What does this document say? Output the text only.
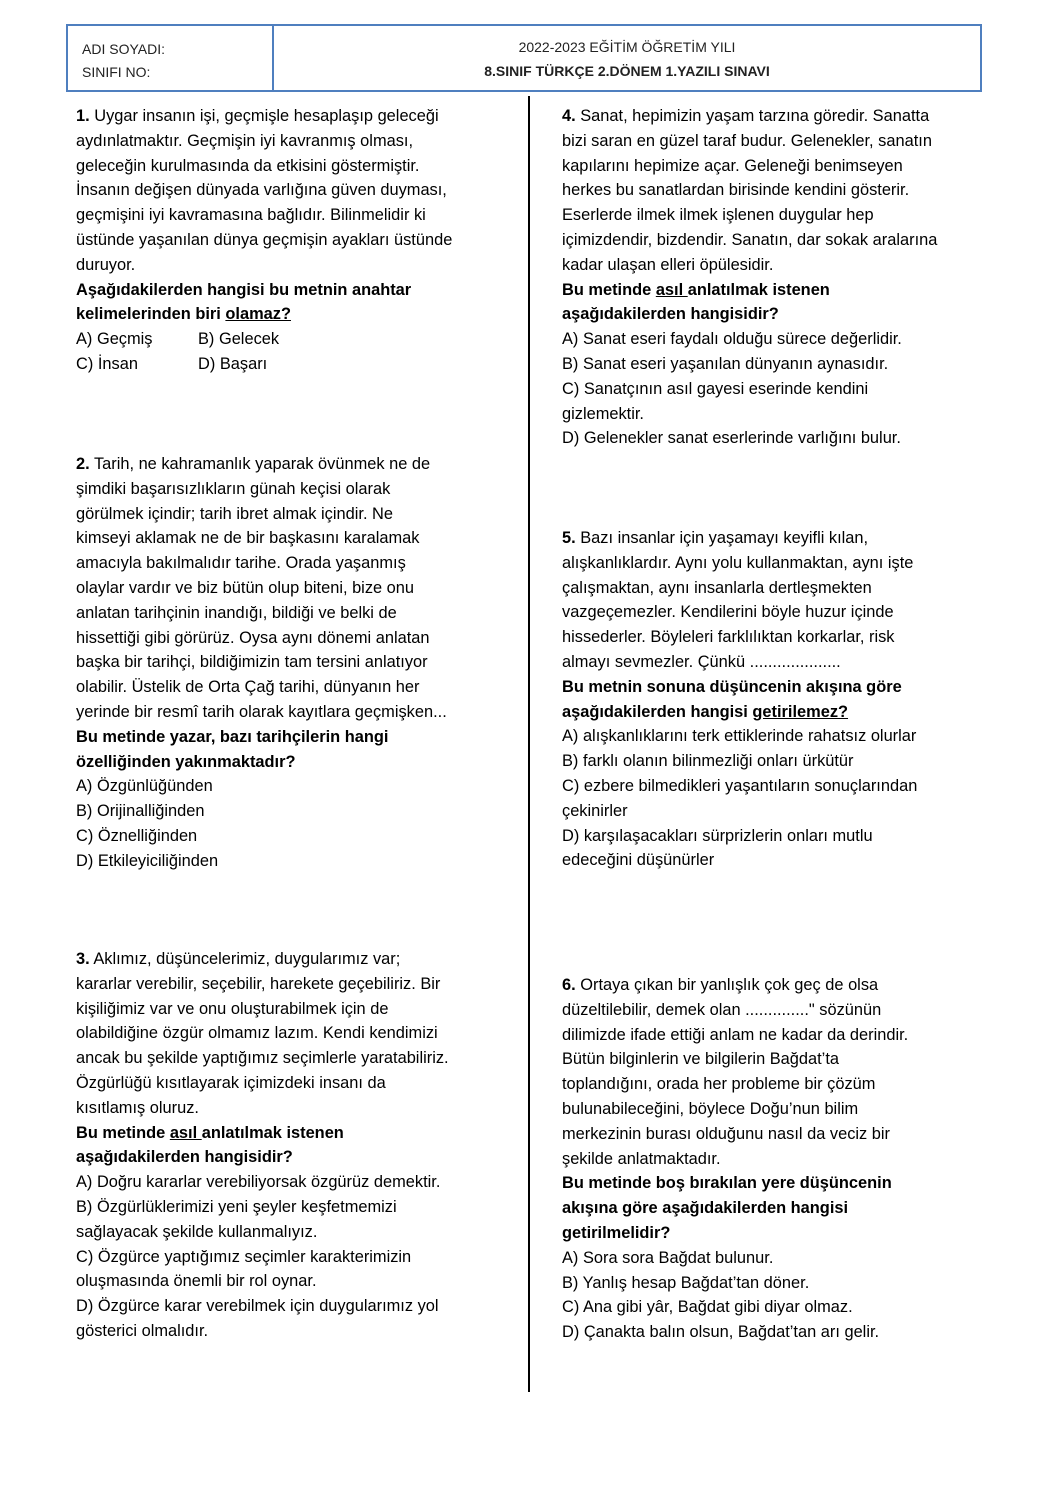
ADI SOYADI:
SINIFI NO:
2022-2023 EĞİTİM ÖĞRETİM YILI
8.SINIF TÜRKÇE 2.DÖNEM 1.YAZILI SINAVI

1. Uygar insanın işi, geçmişle hesaplaşıp geleceği

aydınlatmaktır. Geçmişin iyi kavranmış olması,

geleceğin kurulmasında da etkisini göstermiştir.

İnsanın değişen dünyada varlığına güven duyması,

geçmişini iyi kavramasına bağlıdır. Bilinmelidir ki

üstünde yaşanılan dünya geçmişin ayakları üstünde

duruyor.

Aşağıdakilerden hangisi bu metnin anahtar

kelimelerinden biri olamaz?

A) Geçmiş	B) Gelecek
C) İnsan	D) Başarı

2. Tarih, ne kahramanlık yaparak övünmek ne de

şimdiki başarısızlıkların günah keçisi olarak

görülmek içindir; tarih ibret almak içindir. Ne

kimseyi aklamak ne de bir başkasını karalamak

amacıyla bakılmalıdır tarihe. Orada yaşanmış

olaylar vardır ve biz bütün olup biteni, bize onu

anlatan tarihçinin inandığı, bildiği ve belki de

hissettiği gibi görürüz. Oysa aynı dönemi anlatan

başka bir tarihçi, bildiğimizin tam tersini anlatıyor

olabilir. Üstelik de Orta Çağ tarihi, dünyanın her

yerinde bir resmî tarih olarak kayıtlara geçmişken...

Bu metinde yazar, bazı tarihçilerin hangi

özelliğinden yakınmaktadır?

A) Özgünlüğünden

B) Orijinalliğinden

C) Öznelliğinden

D) Etkileyiciliğinden

3. Aklımız, düşüncelerimiz, duygularımız var;

kararlar verebilir, seçebilir, harekete geçebiliriz. Bir

kişiliğimiz var ve onu oluşturabilmek için de

olabildiğine özgür olmamız lazım. Kendi kendimizi

ancak bu şekilde yaptığımız seçimlerle yaratabiliriz.

Özgürlüğü kısıtlayarak içimizdeki insanı da

kısıtlamış oluruz.

Bu metinde asıl anlatılmak istenen

aşağıdakilerden hangisidir?

A) Doğru kararlar verebiliyorsak özgürüz demektir.

B) Özgürlüklerimizi yeni şeyler keşfetmemizi

sağlayacak şekilde kullanmalıyız.

C) Özgürce yaptığımız seçimler karakterimizin

oluşmasında önemli bir rol oynar.

D) Özgürce karar verebilmek için duygularımız yol

gösterici olmalıdır.

4. Sanat, hepimizin yaşam tarzına göredir. Sanatta

bizi saran en güzel taraf budur. Gelenekler, sanatın

kapılarını hepimize açar. Geleneği benimseyen

herkes bu sanatlardan birisinde kendini gösterir.

Eserlerde ilmek ilmek işlenen duygular hep

içimizdendir, bizdendir. Sanatın, dar sokak aralarına

kadar ulaşan elleri öpülesidir.

Bu metinde asıl anlatılmak istenen

aşağıdakilerden hangisidir?

A) Sanat eseri faydalı olduğu sürece değerlidir.

B) Sanat eseri yaşanılan dünyanın aynasıdır.

C) Sanatçının asıl gayesi eserinde kendini

gizlemektir.

D) Gelenekler sanat eserlerinde varlığını bulur.

5. Bazı insanlar için yaşamayı keyifli kılan,

alışkanlıklardır. Aynı yolu kullanmaktan, aynı işte

çalışmaktan, aynı insanlarla dertleşmekten

vazgeçemezler. Kendilerini böyle huzur içinde

hissederler. Böyleleri farklılıktan korkarlar, risk

almayı sevmezler. Çünkü ....................

Bu metnin sonuna düşüncenin akışına göre

aşağıdakilerden hangisi getirilemez?

A) alışkanlıklarını terk ettiklerinde rahatsız olurlar

B) farklı olanın bilinmezliği onları ürkütür

C) ezbere bilmedikleri yaşantıların sonuçlarından

çekinirler

D) karşılaşacakları sürprizlerin onları mutlu

edeceğini düşünürler

6. Ortaya çıkan bir yanlışlık çok geç de olsa

düzeltilebilir, demek olan .............." sözünün

dilimizde ifade ettiği anlam ne kadar da derindir.

Bütün bilginlerin ve bilgilerin Bağdat’ta

toplandığını, orada her probleme bir çözüm

bulunabileceğini, böylece Doğu’nun bilim

merkezinin burası olduğunu nasıl da veciz bir

şekilde anlatmaktadır.

Bu metinde boş bırakılan yere düşüncenin

akışına göre aşağıdakilerden hangisi

getirilmelidir?

A) Sora sora Bağdat bulunur.

B) Yanlış hesap Bağdat’tan döner.

C) Ana gibi yâr, Bağdat gibi diyar olmaz.

D) Çanakta balın olsun, Bağdat’tan arı gelir.
